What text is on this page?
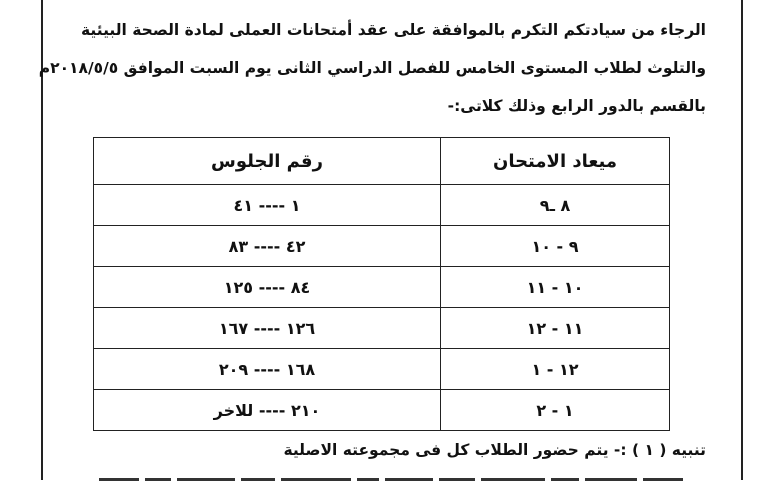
الرجاء من سيادتكم التكرم بالموافقة على عقد أمتحانات العملى لمادة الصحة البيئية
والتلوث لطلاب المستوى الخامس للفصل الدراسي الثانى يوم السبت الموافق ٢٠١٨/٥/٥م
بالقسم بالدور الرابع وذلك كلاتى:-
ميعاد الامتحان	رقم الجلوس
٨ ـ٩	١ ---- ٤١
٩ - ١٠	٤٢ ---- ٨٣
١٠ - ١١	٨٤ ---- ١٢٥
١١ - ١٢	١٢٦ ---- ١٦٧
١٢ - ١	١٦٨ ---- ٢٠٩
١ - ٢	٢١٠ ---- للاخر
تنبيه ( ١ ) :- يتم حضور الطلاب كل فى مجموعته الاصلية
